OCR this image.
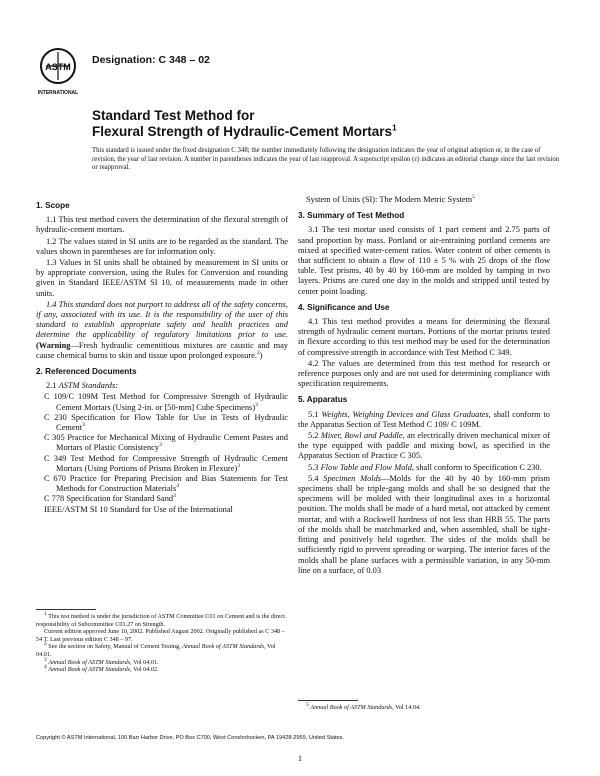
ASTM
INTERNATIONAL
Designation: C 348 – 02
Standard Test Method for
Flexural Strength of Hydraulic-Cement Mortars$^1$
This standard is issued under the fixed designation C 348; the number immediately following the designation indicates the year of original adoption or, in the case of revision, the year of last revision. A number in parentheses indicates the year of last reapproval. A superscript epsilon (ε) indicates an editorial change since the last revision or reapproval.
1. Scope

1.1 This test method covers the determination of the flexural strength of hydraulic-cement mortars.

1.2 The values stated in SI units are to be regarded as the standard. The values shown in parentheses are for information only.

1.3 Values in SI units shall be obtained by measurement in SI units or by appropriate conversion, using the Rules for Conversion and rounding given in Standard IEEE/ASTM SI 10, of measurements made in other units.

1.4 This standard does not purport to address all of the safety concerns, if any, associated with its use. It is the responsibility of the user of this standard to establish appropriate safety and health practices and determine the applicability of regulatory limitations prior to use. (Warning—Fresh hydraulic cementitious mixtures are caustic and may cause chemical burns to skin and tissue upon prolonged exposure.$^2$)

2. Referenced Documents

2.1 ASTM Standards:

C 109/C 109M Test Method for Compressive Strength of Hydraulic Cement Mortars (Using 2-in. or [50-mm] Cube Specimens)$^3$
C 230 Specification for Flow Table for Use in Tests of Hydraulic Cement$^3$
C 305 Practice for Mechanical Mixing of Hydraulic Cement Pastes and Mortars of Plastic Consistency$^3$
C 349 Test Method for Compressive Strength of Hydraulic Cement Mortars (Using Portions of Prisms Broken in Flexure)$^3$
C 670 Practice for Preparing Precision and Bias Statements for Test Methods for Construction Materials$^4$
C 778 Specification for Standard Sand$^3$
IEEE/ASTM SI 10 Standard for Use of the International
System of Units (SI): The Modern Metric System$^5$
3. Summary of Test Method

3.1 The test mortar used consists of 1 part cement and 2.75 parts of sand proportion by mass. Portland or air-entraining portland cements are mixed at specified water-cement ratios. Water content of other cements is that sufficient to obtain a flow of 110 ± 5 % with 25 drops of the flow table. Test prisms, 40 by 40 by 160-mm are molded by tamping in two layers. Prisms are cured one day in the molds and stripped until tested by center point loading.

4. Significance and Use

4.1 This test method provides a means for determining the flexural strength of hydraulic cement mortars. Portions of the mortar prisms tested in flexure according to this test method may be used for the determination of compressive strength in accordance with Test Method C 349.

4.2 The values are determined from this test method for research or reference purposes only and are not used for determining compliance with specification requirements.

5. Apparatus

5.1 Weights, Weighing Devices and Glass Graduates, shall conform to the Apparatus Section of Test Method C 109/ C 109M.

5.2 Mixer, Bowl and Paddle, an electrically driven mechanical mixer of the type equipped with paddle and mixing bowl, as specified in the Apparatus Section of Practice C 305.

5.3 Flow Table and Flow Mold, shall conform to Specification C 230.

5.4 Specimen Molds—Molds for the 40 by 40 by 160-mm prism specimens shall be triple-gang molds and shall be so designed that the specimens will be molded with their longitudinal axes in a horizontal position. The molds shall be made of a hard metal, not attacked by cement mortar, and with a Rockwell hardness of not less than HRB 55. The parts of the molds shall be matchmarked and, when assembled, shall be tight-fitting and positively held together. The sides of the molds shall be sufficiently rigid to prevent spreading or warping. The interior faces of the molds shall be plane surfaces with a permissible variation, in any 50-mm line on a surface, of 0.03

$^1$ This test method is under the jurisdiction of ASTM Committee C01 on Cement and is the direct responsibility of Subcommittee C01.27 on Strength.

Current edition approved June 10, 2002. Published August 2002. Originally published as C 348 – 54 T. Last previous edition C 348 – 97.

$^2$ See the section on Safety, Manual of Cement Testing, Annual Book of ASTM Standards, Vol 04.01.

$^3$ Annual Book of ASTM Standards, Vol 04.01.

$^4$ Annual Book of ASTM Standards, Vol 04.02.

$^5$ Annual Book of ASTM Standards, Vol 14.04.

Copyright © ASTM International, 100 Barr Harbor Drive, PO Box C700, West Conshohocken, PA 19428-2959, United States.
1
